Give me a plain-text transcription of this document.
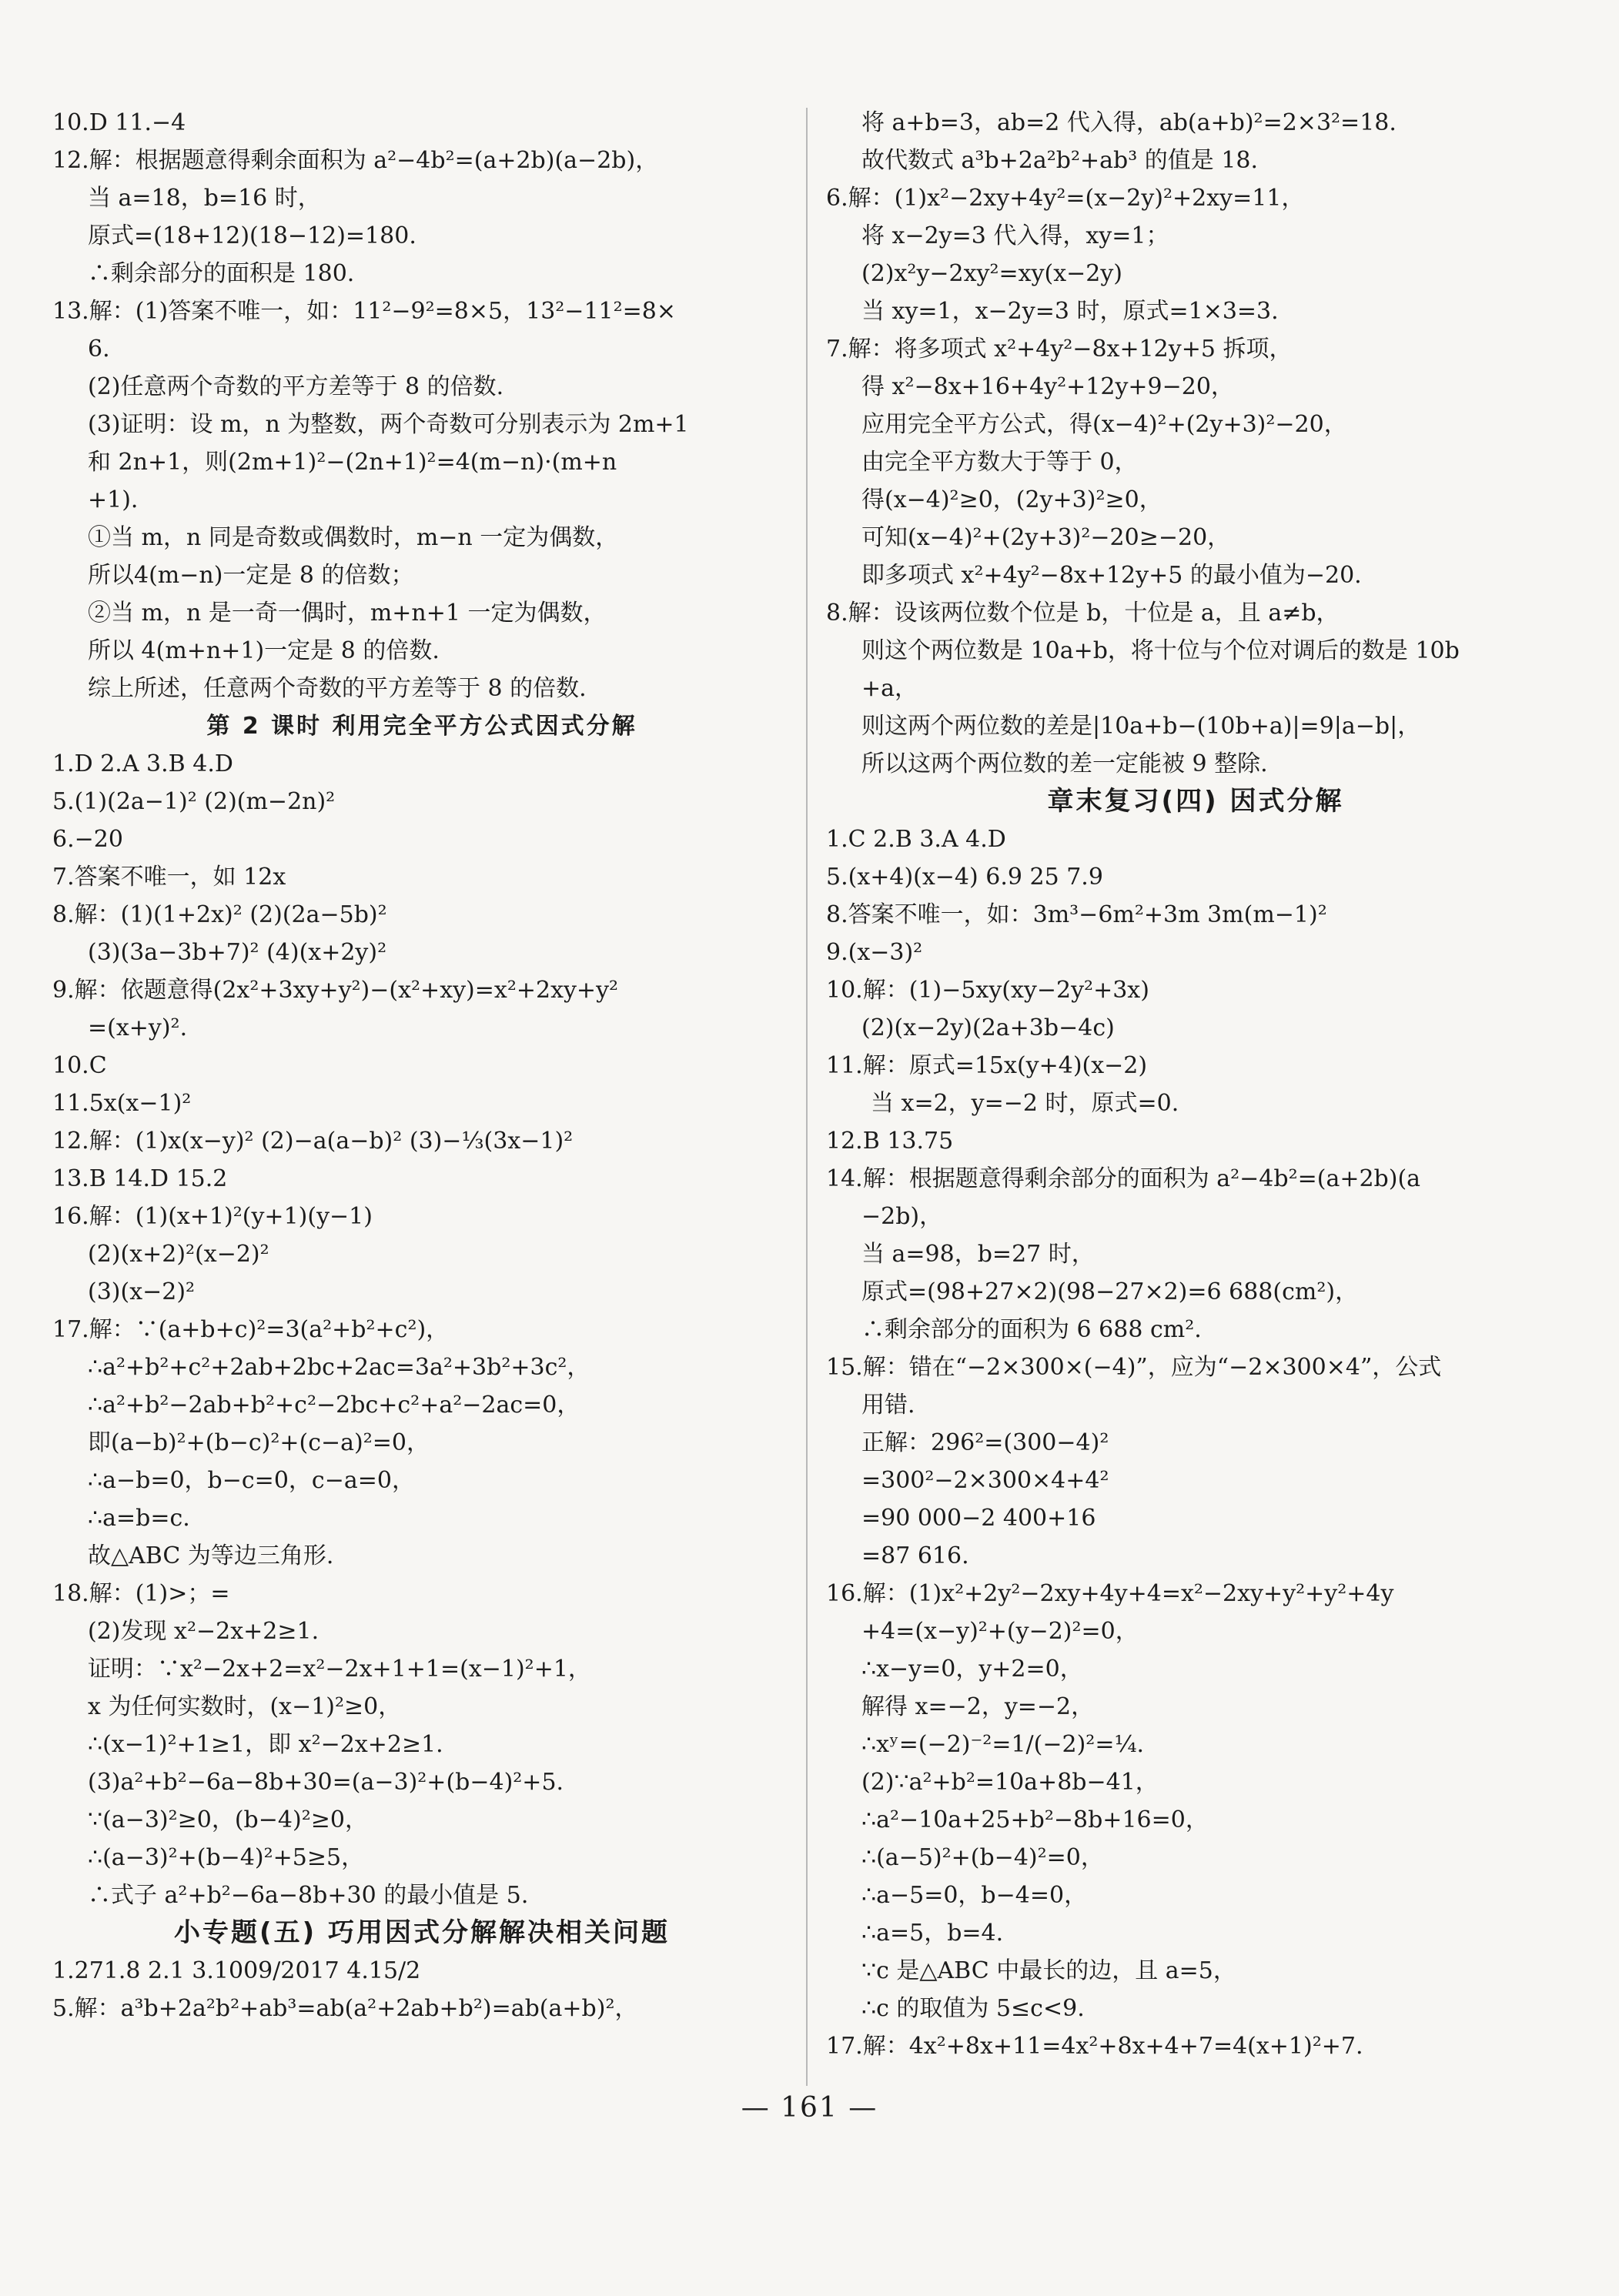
10.D 11.−4
12.解：根据题意得剩余面积为 a²−4b²=(a+2b)(a−2b)，
当 a=18，b=16 时，
原式=(18+12)(18−12)=180.
∴剩余部分的面积是 180.
13.解：(1)答案不唯一，如：11²−9²=8×5，13²−11²=8×
6.
(2)任意两个奇数的平方差等于 8 的倍数.
(3)证明：设 m，n 为整数，两个奇数可分别表示为 2m+1
和 2n+1，则(2m+1)²−(2n+1)²=4(m−n)·(m+n
+1).
①当 m，n 同是奇数或偶数时，m−n 一定为偶数，
所以4(m−n)一定是 8 的倍数；
②当 m，n 是一奇一偶时，m+n+1 一定为偶数，
所以 4(m+n+1)一定是 8 的倍数.
综上所述，任意两个奇数的平方差等于 8 的倍数.
第 2 课时 利用完全平方公式因式分解
1.D 2.A 3.B 4.D
5.(1)(2a−1)² (2)(m−2n)²
6.−20
7.答案不唯一，如 12x
8.解：(1)(1+2x)² (2)(2a−5b)²
(3)(3a−3b+7)² (4)(x+2y)²
9.解：依题意得(2x²+3xy+y²)−(x²+xy)=x²+2xy+y²
=(x+y)².
10.C
11.5x(x−1)²
12.解：(1)x(x−y)² (2)−a(a−b)² (3)−⅓(3x−1)²
13.B 14.D 15.2
16.解：(1)(x+1)²(y+1)(y−1)
(2)(x+2)²(x−2)²
(3)(x−2)²
17.解：∵(a+b+c)²=3(a²+b²+c²)，
∴a²+b²+c²+2ab+2bc+2ac=3a²+3b²+3c²，
∴a²+b²−2ab+b²+c²−2bc+c²+a²−2ac=0，
即(a−b)²+(b−c)²+(c−a)²=0，
∴a−b=0，b−c=0，c−a=0，
∴a=b=c.
故△ABC 为等边三角形.
18.解：(1)>；=
(2)发现 x²−2x+2≥1.
证明：∵x²−2x+2=x²−2x+1+1=(x−1)²+1，
x 为任何实数时，(x−1)²≥0，
∴(x−1)²+1≥1，即 x²−2x+2≥1.
(3)a²+b²−6a−8b+30=(a−3)²+(b−4)²+5.
∵(a−3)²≥0，(b−4)²≥0，
∴(a−3)²+(b−4)²+5≥5，
∴式子 a²+b²−6a−8b+30 的最小值是 5.
小专题(五) 巧用因式分解解决相关问题
1.271.8 2.1 3.1009/2017 4.15/2
5.解：a³b+2a²b²+ab³=ab(a²+2ab+b²)=ab(a+b)²，
将 a+b=3，ab=2 代入得，ab(a+b)²=2×3²=18.
故代数式 a³b+2a²b²+ab³ 的值是 18.
6.解：(1)x²−2xy+4y²=(x−2y)²+2xy=11，
将 x−2y=3 代入得，xy=1；
(2)x²y−2xy²=xy(x−2y)
当 xy=1，x−2y=3 时，原式=1×3=3.
7.解：将多项式 x²+4y²−8x+12y+5 拆项，
得 x²−8x+16+4y²+12y+9−20，
应用完全平方公式，得(x−4)²+(2y+3)²−20，
由完全平方数大于等于 0，
得(x−4)²≥0，(2y+3)²≥0，
可知(x−4)²+(2y+3)²−20≥−20，
即多项式 x²+4y²−8x+12y+5 的最小值为−20.
8.解：设该两位数个位是 b，十位是 a，且 a≠b，
则这个两位数是 10a+b，将十位与个位对调后的数是 10b
+a，
则这两个两位数的差是|10a+b−(10b+a)|=9|a−b|，
所以这两个两位数的差一定能被 9 整除.
章末复习(四) 因式分解
1.C 2.B 3.A 4.D
5.(x+4)(x−4) 6.9 25 7.9
8.答案不唯一，如：3m³−6m²+3m 3m(m−1)²
9.(x−3)²
10.解：(1)−5xy(xy−2y²+3x)
(2)(x−2y)(2a+3b−4c)
11.解：原式=15x(y+4)(x−2)
当 x=2，y=−2 时，原式=0.
12.B 13.75
14.解：根据题意得剩余部分的面积为 a²−4b²=(a+2b)(a
−2b)，
当 a=98，b=27 时，
原式=(98+27×2)(98−27×2)=6 688(cm²)，
∴剩余部分的面积为 6 688 cm².
15.解：错在“−2×300×(−4)”，应为“−2×300×4”，公式
用错.
正解：296²=(300−4)²
=300²−2×300×4+4²
=90 000−2 400+16
=87 616.
16.解：(1)x²+2y²−2xy+4y+4=x²−2xy+y²+y²+4y
+4=(x−y)²+(y−2)²=0，
∴x−y=0，y+2=0，
解得 x=−2，y=−2，
∴xʸ=(−2)⁻²=1/(−2)²=¼.
(2)∵a²+b²=10a+8b−41，
∴a²−10a+25+b²−8b+16=0，
∴(a−5)²+(b−4)²=0，
∴a−5=0，b−4=0，
∴a=5，b=4.
∵c 是△ABC 中最长的边，且 a=5，
∴c 的取值为 5≤c<9.
17.解：4x²+8x+11=4x²+8x+4+7=4(x+1)²+7.
— 161 —
